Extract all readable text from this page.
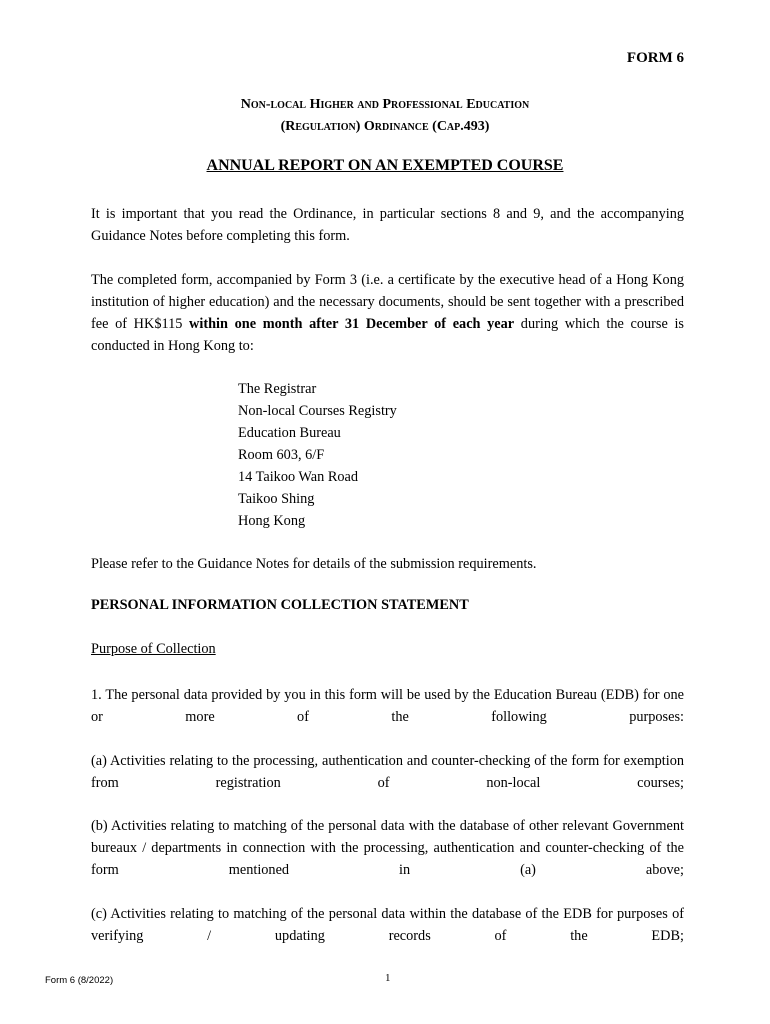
FORM 6
Non-local Higher and Professional Education
(Regulation) Ordinance (Cap.493)
ANNUAL REPORT ON AN EXEMPTED COURSE
It is important that you read the Ordinance, in particular sections 8 and 9, and the accompanying Guidance Notes before completing this form.
The completed form, accompanied by Form 3 (i.e. a certificate by the executive head of a Hong Kong institution of higher education) and the necessary documents, should be sent together with a prescribed fee of HK$115 within one month after 31 December of each year during which the course is conducted in Hong Kong to:
The Registrar
Non-local Courses Registry
Education Bureau
Room 603, 6/F
14 Taikoo Wan Road
Taikoo Shing
Hong Kong
Please refer to the Guidance Notes for details of the submission requirements.
PERSONAL INFORMATION COLLECTION STATEMENT
Purpose of Collection
1. The personal data provided by you in this form will be used by the Education Bureau (EDB) for one or more of the following purposes:
(a) Activities relating to the processing, authentication and counter-checking of the form for exemption from registration of non-local courses;
(b) Activities relating to matching of the personal data with the database of other relevant Government bureaux / departments in connection with the processing, authentication and counter-checking of the form mentioned in (a) above;
(c) Activities relating to matching of the personal data within the database of the EDB for purposes of verifying / updating records of the EDB;
Form 6 (8/2022)	1
